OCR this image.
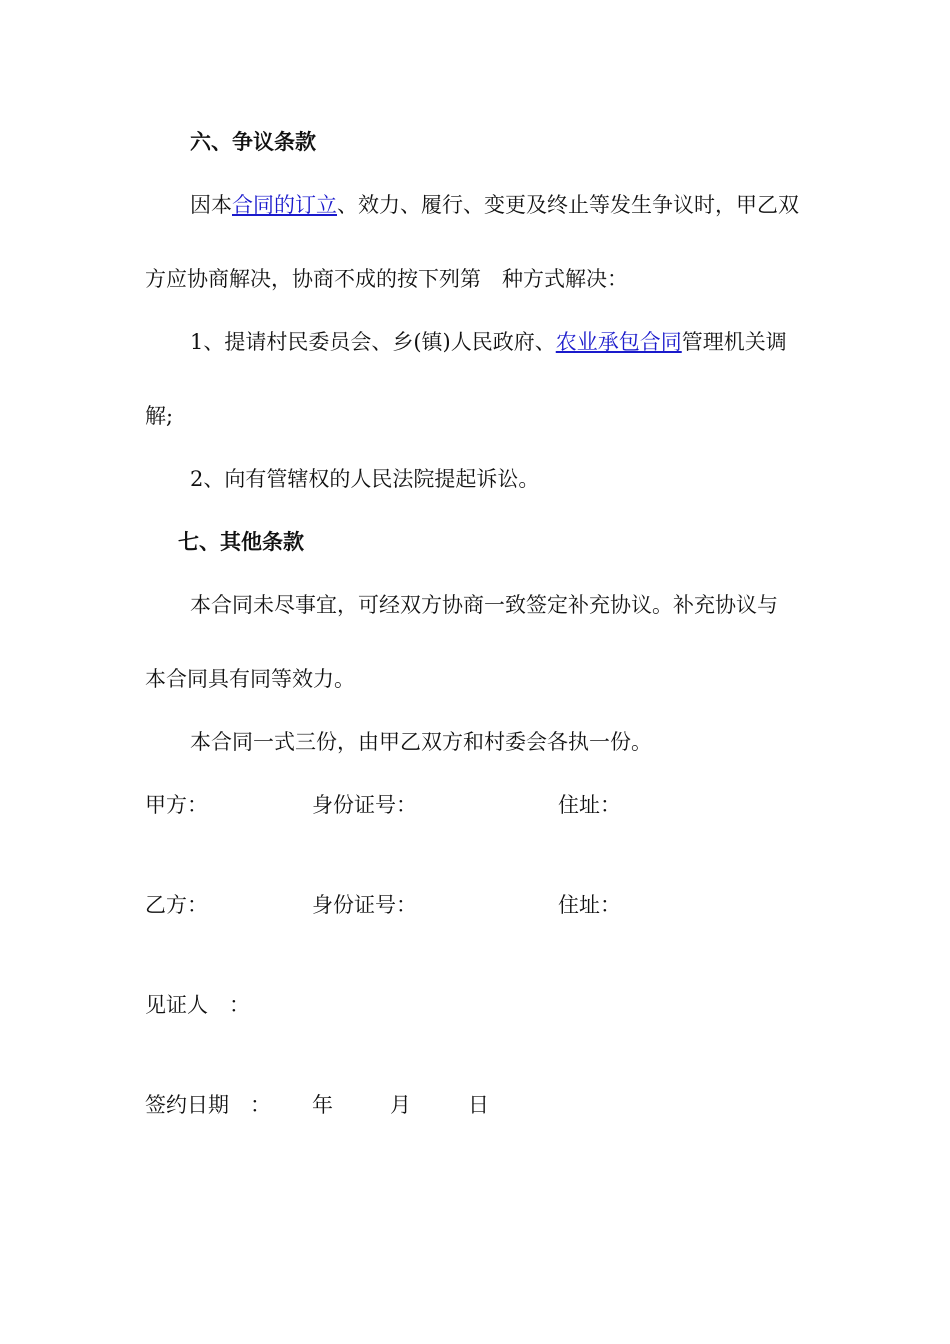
六、争议条款
因本合同的订立、效力、履行、变更及终止等发生争议时，甲乙双
方应协商解决，协商不成的按下列第　种方式解决：
1、提请村民委员会、乡(镇)人民政府、农业承包合同管理机关调
解;
2、向有管辖权的人民法院提起诉讼。
七、其他条款
本合同未尽事宜，可经双方协商一致签定补充协议。补充协议与
本合同具有同等效力。
本合同一式三份，由甲乙双方和村委会各执一份。
甲方：	身份证号：	住址：
乙方：	身份证号：	住址：
见证人　：
签约日期　： 年	月	日
